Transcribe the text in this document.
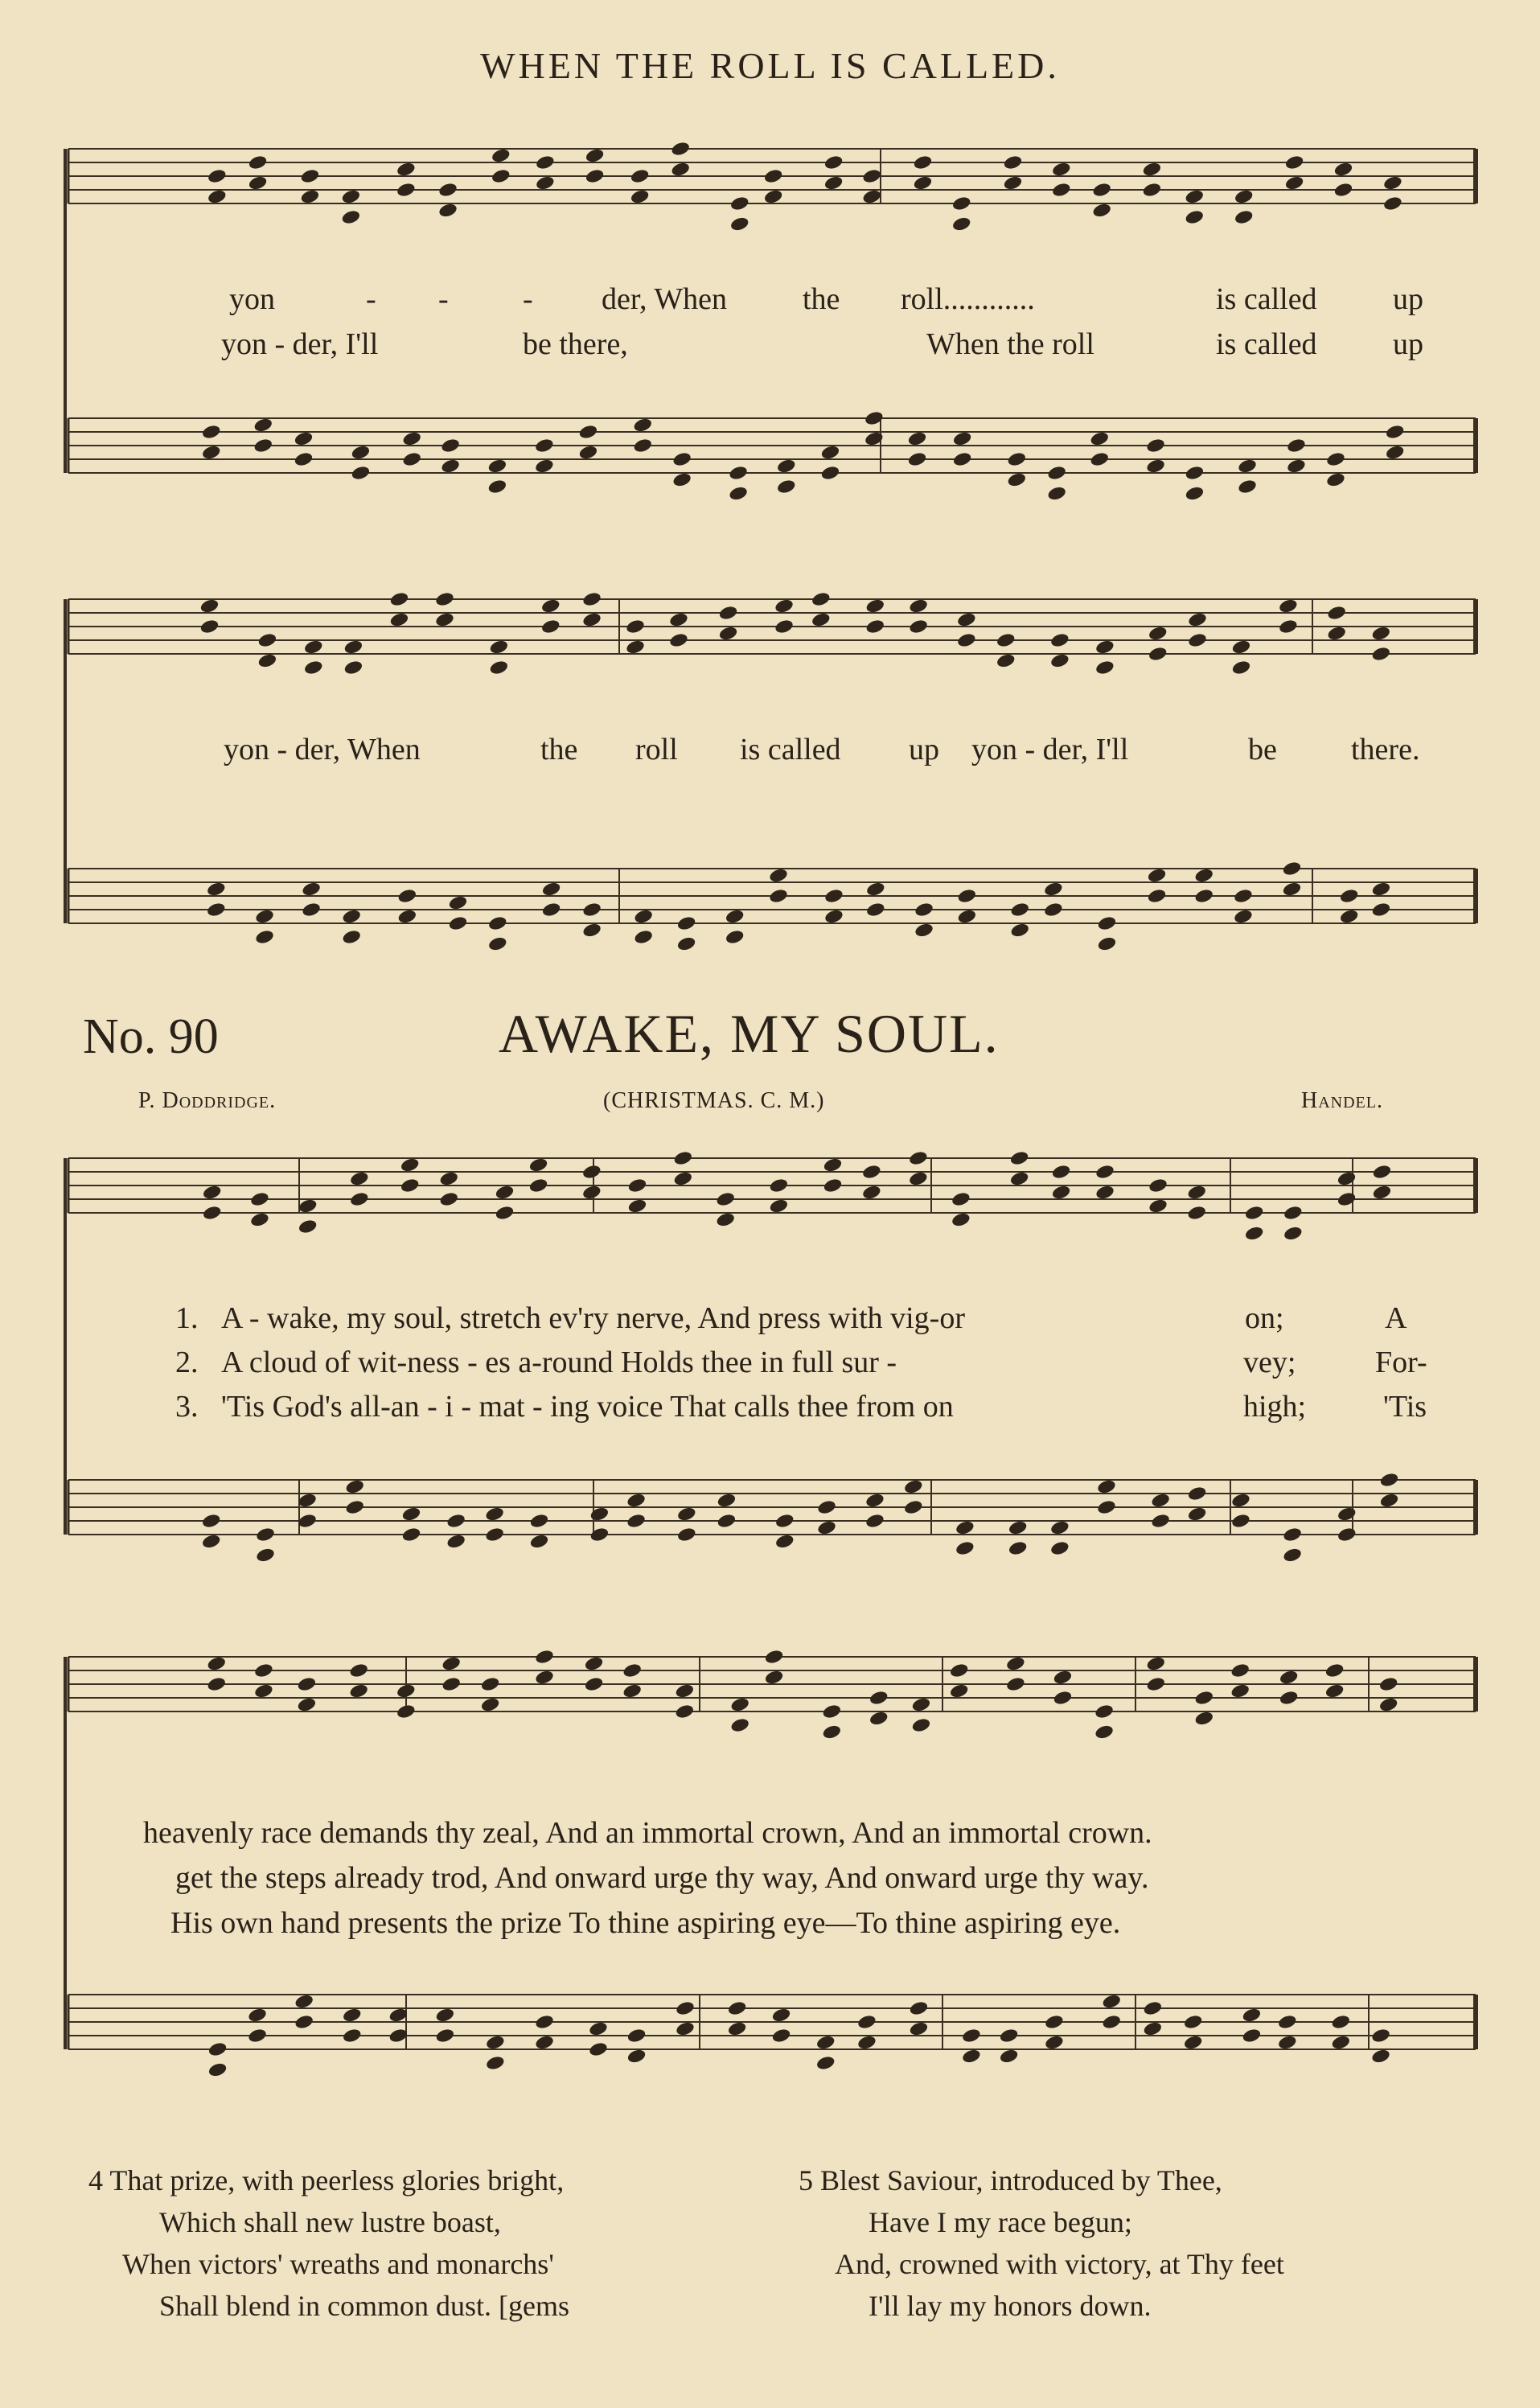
WHEN THE ROLL IS CALLED.
yon	- - - der, When the roll............	is called up
yon - der, I'll	be there,	When the roll	is called up
yon - der, When	the roll is called up yon - der, I'll	be there.
No. 90	AWAKE, MY SOUL.
P. Doddridge.	(CHRISTMAS. C. M.)	Handel.
1. A - wake, my soul, stretch ev'ry nerve, And press with vig-or	on;	A
2. A cloud of wit-ness - es a-round Holds thee in full sur -	vey;	For-
3. 'Tis God's all-an - i - mat - ing voice That calls thee from on	high;	'Tis
heavenly race demands thy zeal, And an immortal crown, And an immortal crown.
get the steps already trod, And onward urge thy way, And onward urge thy way.
His own hand presents the prize To thine aspiring eye—To thine aspiring eye.
4 That prize, with peerless glories bright,
Which shall new lustre boast,
When victors' wreaths and monarchs'
Shall blend in common dust. [gems
5 Blest Saviour, introduced by Thee,
Have I my race begun;
And, crowned with victory, at Thy feet
I'll lay my honors down.
